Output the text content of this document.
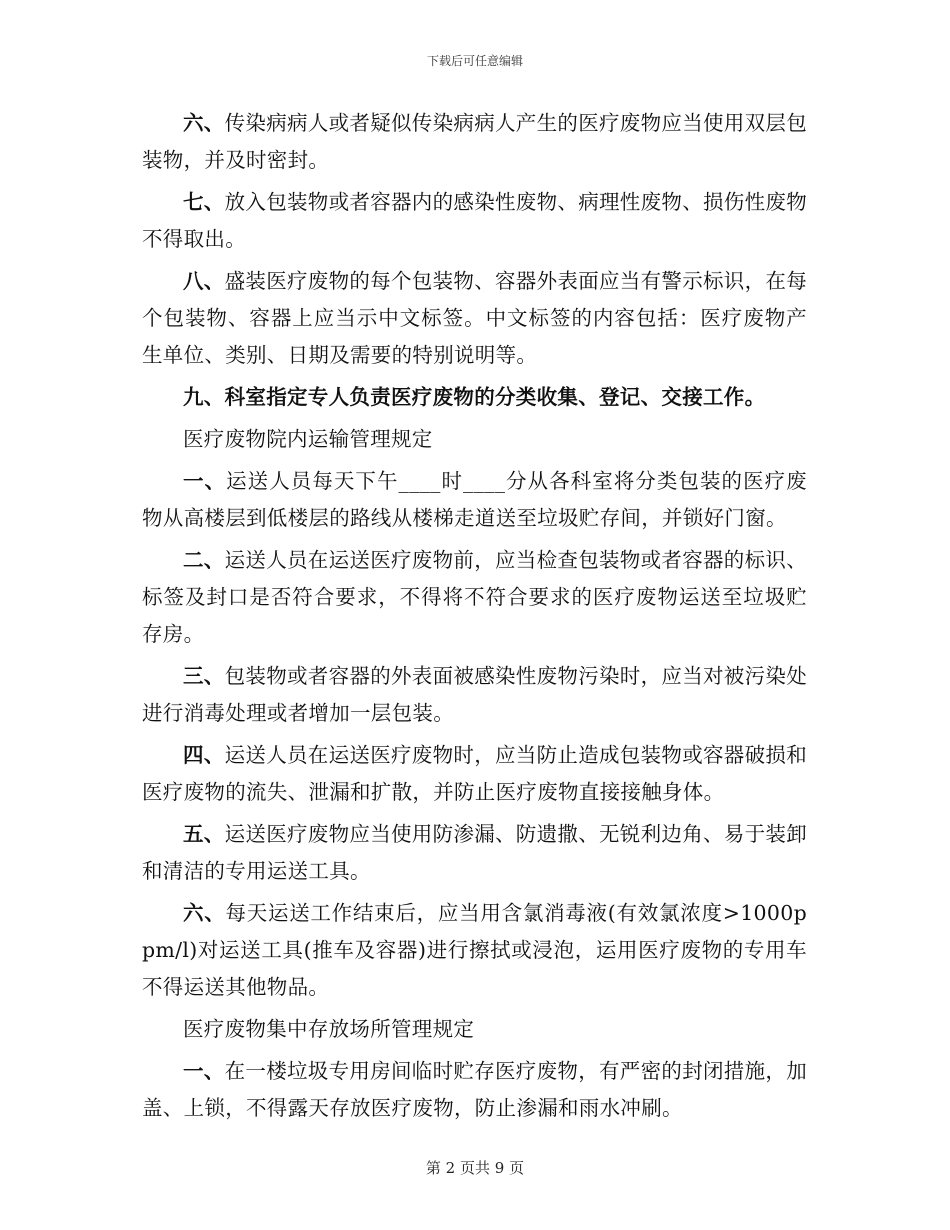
下载后可任意编辑

六、传染病病人或者疑似传染病病人产生的医疗废物应当使用双层包装物，并及时密封。

七、放入包装物或者容器内的感染性废物、病理性废物、损伤性废物不得取出。

八、盛装医疗废物的每个包装物、容器外表面应当有警示标识，在每个包装物、容器上应当示中文标签。中文标签的内容包括：医疗废物产生单位、类别、日期及需要的特别说明等。

九、科室指定专人负责医疗废物的分类收集、登记、交接工作。

医疗废物院内运输管理规定

一、运送人员每天下午____时____分从各科室将分类包装的医疗废物从高楼层到低楼层的路线从楼梯走道送至垃圾贮存间，并锁好门窗。

二、运送人员在运送医疗废物前，应当检查包装物或者容器的标识、标签及封口是否符合要求，不得将不符合要求的医疗废物运送至垃圾贮存房。

三、包装物或者容器的外表面被感染性废物污染时，应当对被污染处进行消毒处理或者增加一层包装。

四、运送人员在运送医疗废物时，应当防止造成包装物或容器破损和医疗废物的流失、泄漏和扩散，并防止医疗废物直接接触身体。

五、运送医疗废物应当使用防渗漏、防遗撒、无锐利边角、易于装卸和清洁的专用运送工具。

六、每天运送工作结束后，应当用含氯消毒液(有效氯浓度>1000ppm/l)对运送工具(推车及容器)进行擦拭或浸泡，运用医疗废物的专用车不得运送其他物品。

医疗废物集中存放场所管理规定

一、在一楼垃圾专用房间临时贮存医疗废物，有严密的封闭措施，加盖、上锁，不得露天存放医疗废物，防止渗漏和雨水冲刷。

第 2 页共 9 页
